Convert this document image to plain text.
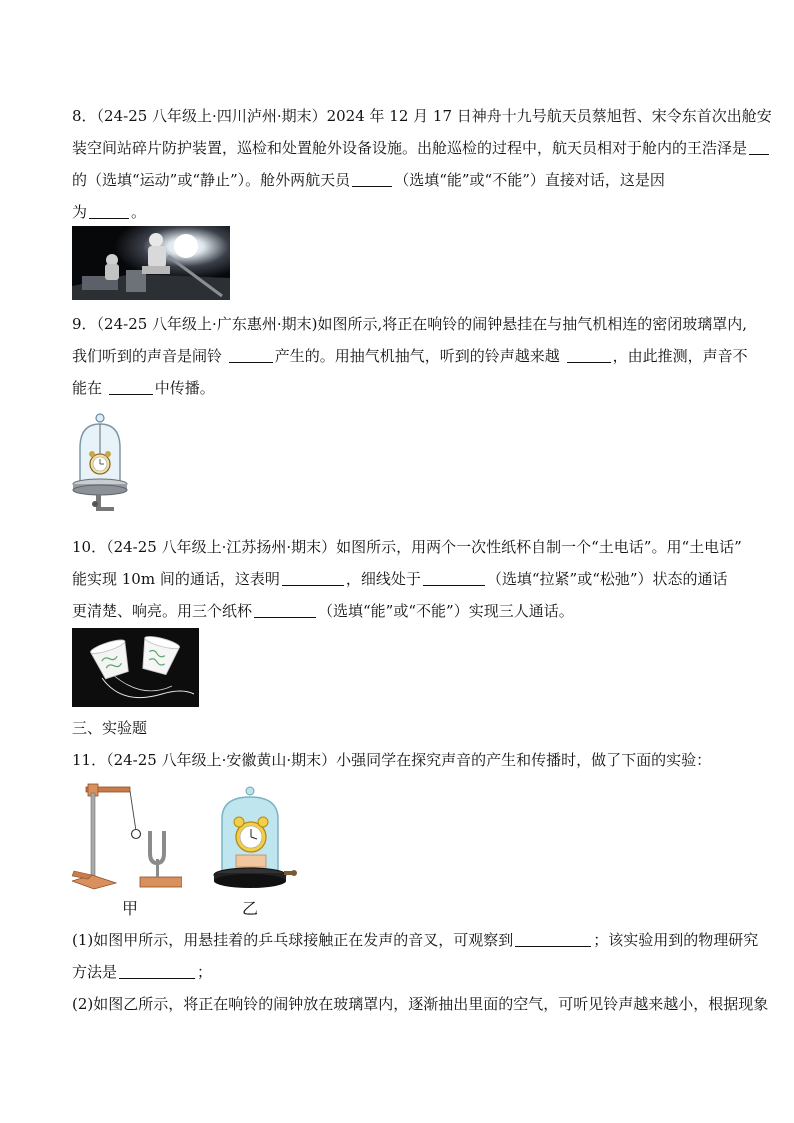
8．（24-25 八年级上·四川泸州·期末）2024 年 12 月 17 日神舟十九号航天员蔡旭哲、宋令东首次出舱安
装空间站碎片防护装置，巡检和处置舱外设备设施。出舱巡检的过程中，航天员相对于舱内的王浩泽是
的（选填“运动”或“静止”）。舱外两航天员	（选填“能”或“不能”）直接对话，这是因
为	。
9．（24-25 八年级上·广东惠州·期末)如图所示,将正在响铃的闹钟悬挂在与抽气机相连的密闭玻璃罩内,
我们听到的声音是闹铃	产生的。用抽气机抽气，听到的铃声越来越	，由此推测，声音不
能在	中传播。
10．（24-25 八年级上·江苏扬州·期末）如图所示，用两个一次性纸杯自制一个“土电话”。用“土电话”
能实现 10m 间的通话，这表明	，细线处于	（选填“拉紧”或“松弛”）状态的通话
更清楚、响亮。用三个纸杯	（选填“能”或“不能”）实现三人通话。
三、实验题
11．（24-25 八年级上·安徽黄山·期末）小强同学在探究声音的产生和传播时，做了下面的实验：
甲	乙
(1)如图甲所示，用悬挂着的乒乓球接触正在发声的音叉，可观察到	；该实验用到的物理研究
方法是	；
(2)如图乙所示，将正在响铃的闹钟放在玻璃罩内，逐渐抽出里面的空气，可听见铃声越来越小，根据现象
